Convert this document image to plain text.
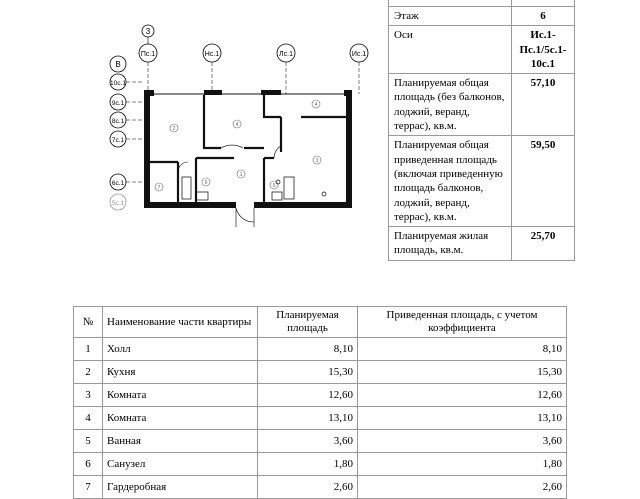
3
Пс.1	Нс.1	Лс.1	Ис.1
В
10с.1
9с.1
8с.1
7с.1
6с.1
5с.1
2
4
3
1
7
6	5
4

Этаж	6
Оси	Ис.1-Пс.1/5с.1-10с.1
Планируемая общая площадь (без балконов, лоджий, веранд, террас), кв.м.	57,10
Планируемая общая приведенная площадь (включая приведенную площадь балконов, лоджий, веранд, террас), кв.м.	59,50
Планируемая жилая площадь, кв.м.	25,70
№	Наименование части квартиры	Планируемая площадь	Приведенная площадь, с учетом коэффициента
1	Холл	8,10	8,10
2	Кухня	15,30	15,30
3	Комната	12,60	12,60
4	Комната	13,10	13,10
5	Ванная	3,60	3,60
6	Санузел	1,80	1,80
7	Гардеробная	2,60	2,60
